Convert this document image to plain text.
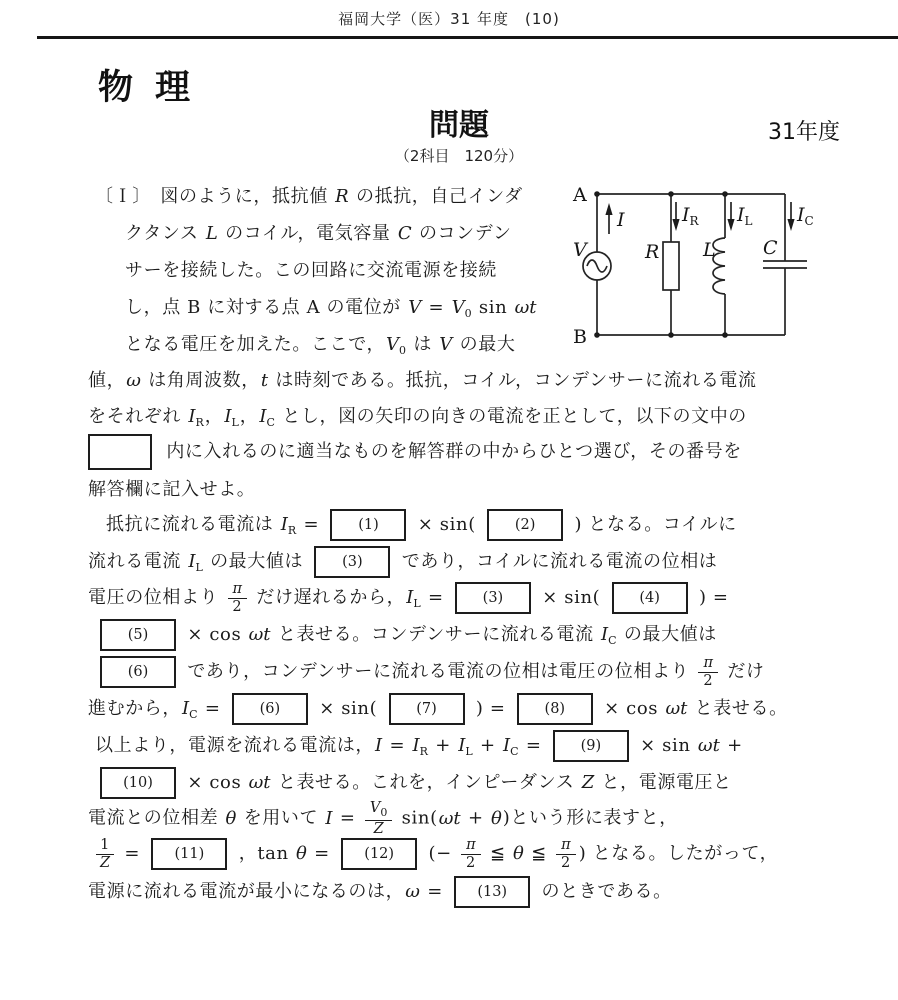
福岡大学（医）31 年度　(10)
物理
問題	31年度
（2科目　120分）
〔Ｉ〕　図のように，抵抗値 R の抵抗，自己インダ
クタンス L のコイル，電気容量 C のコンデン
サーを接続した。この回路に交流電源を接続
し，点 B に対する点 A の電位が $V = V_0$ sin ωt
となる電圧を加えた。ここで，$V_0$ は V の最大
値，ω は角周波数，t は時刻である。抵抗，コイル，コンデンサーに流れる電流
をそれぞれ $I_R$，$I_L$，$I_C$ とし，図の矢印の向きの電流を正として，以下の文中の
内に入れるのに適当なものを解答群の中からひとつ選び，その番号を
解答欄に記入せよ。
抵抗に流れる電流は $I_R = (1) \times \sin$( (2) ) となる。コイルに
流れる電流 $I_L$ の最大値は (3) であり，コイルに流れる電流の位相は
電圧の位相より $\frac{\pi}{2}$ だけ遅れるから，$I_L = (3) \times \sin$( (4) ) =
(5) × cos ωt と表せる。コンデンサーに流れる電流 $I_C$ の最大値は
(6) であり，コンデンサーに流れる電流の位相は電圧の位相より $\frac{\pi}{2}$ だけ
進むから，$I_C = (6) \times \sin$( (7) ) = (8) × cos ωt と表せる。
以上より，電源を流れる電流は，$I = I_R + I_L + I_C = (9) \times \sin \omega t$ +
(10) × cos ωt と表せる。これを，インピーダンス Z と，電源電圧と
電流との位相差 θ を用いて $I = \frac{V_0}{Z} \sin(\omega t + \theta)$という形に表すと，
$\frac{1}{Z} = (11)$ ，tan θ = (12) (− $\frac{\pi}{2}$ ≦ θ ≦ $\frac{\pi}{2}$ ) となる。したがって，
電源に流れる電流が最小になるのは，ω = (13) のときである。
A
B
V
I
R L C
$I_R$ $I_L$ $I_C$
